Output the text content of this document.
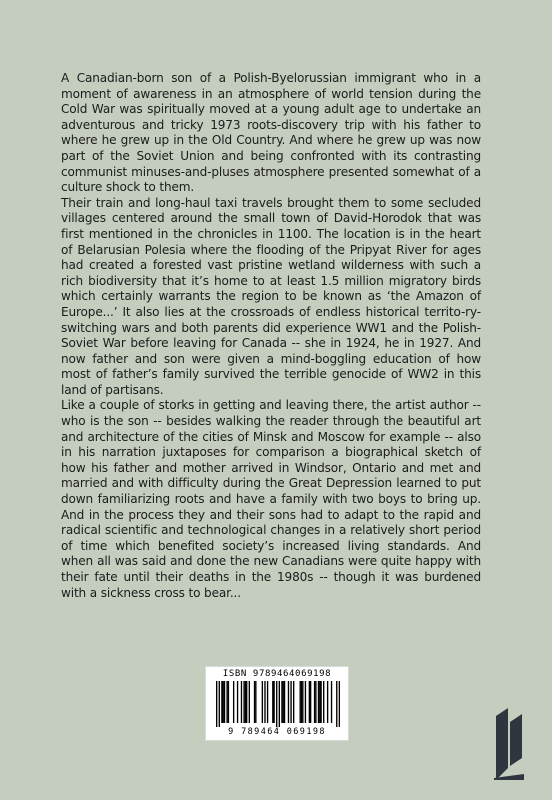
A Canadian-born son of a Polish-Byelorussian immigrant who in a moment of awareness in an atmosphere of world tension during the Cold War was spiritually moved at a young adult age to undertake an adventurous and tricky 1973 roots-discovery trip with his father to where he grew up in the Old Country. And where he grew up was now part of the Soviet Union and being confronted with its contrasting communist minuses-and-pluses atmosphere presented somewhat of a culture shock to them.

Their train and long-haul taxi travels brought them to some secluded villages centered around the small town of David-Horodok that was first mentioned in the chronicles in 1100. The location is in the heart of Belarusian Polesia where the flooding of the Pripyat River for ages had created a forested vast pristine wetland wilderness with such a rich biodiversity that it’s home to at least 1.5 million migratory birds which certainly warrants the region to be known as ‘the Amazon of Europe...’ It also lies at the crossroads of endless historical territo-ry-switching wars and both parents did experience WW1 and the Polish-Soviet War before leaving for Canada -- she in 1924, he in 1927. And now father and son were given a mind-boggling education of how most of father’s family survived the terrible genocide of WW2 in this land of partisans.

Like a couple of storks in getting and leaving there, the artist author -- who is the son -- besides walking the reader through the beautiful art and architecture of the cities of Minsk and Moscow for example -- also in his narration juxtaposes for comparison a biographical sketch of how his father and mother arrived in Windsor, Ontario and met and married and with difficulty during the Great Depression learned to put down familiarizing roots and have a family with two boys to bring up. And in the process they and their sons had to adapt to the rapid and radical scientific and technological changes in a relatively short period of time which benefited society’s increased living standards. And when all was said and done the new Canadians were quite happy with their fate until their deaths in the 1980s -- though it was burdened with a sickness cross to bear...

ISBN 9789464069198
9 789464 069198
